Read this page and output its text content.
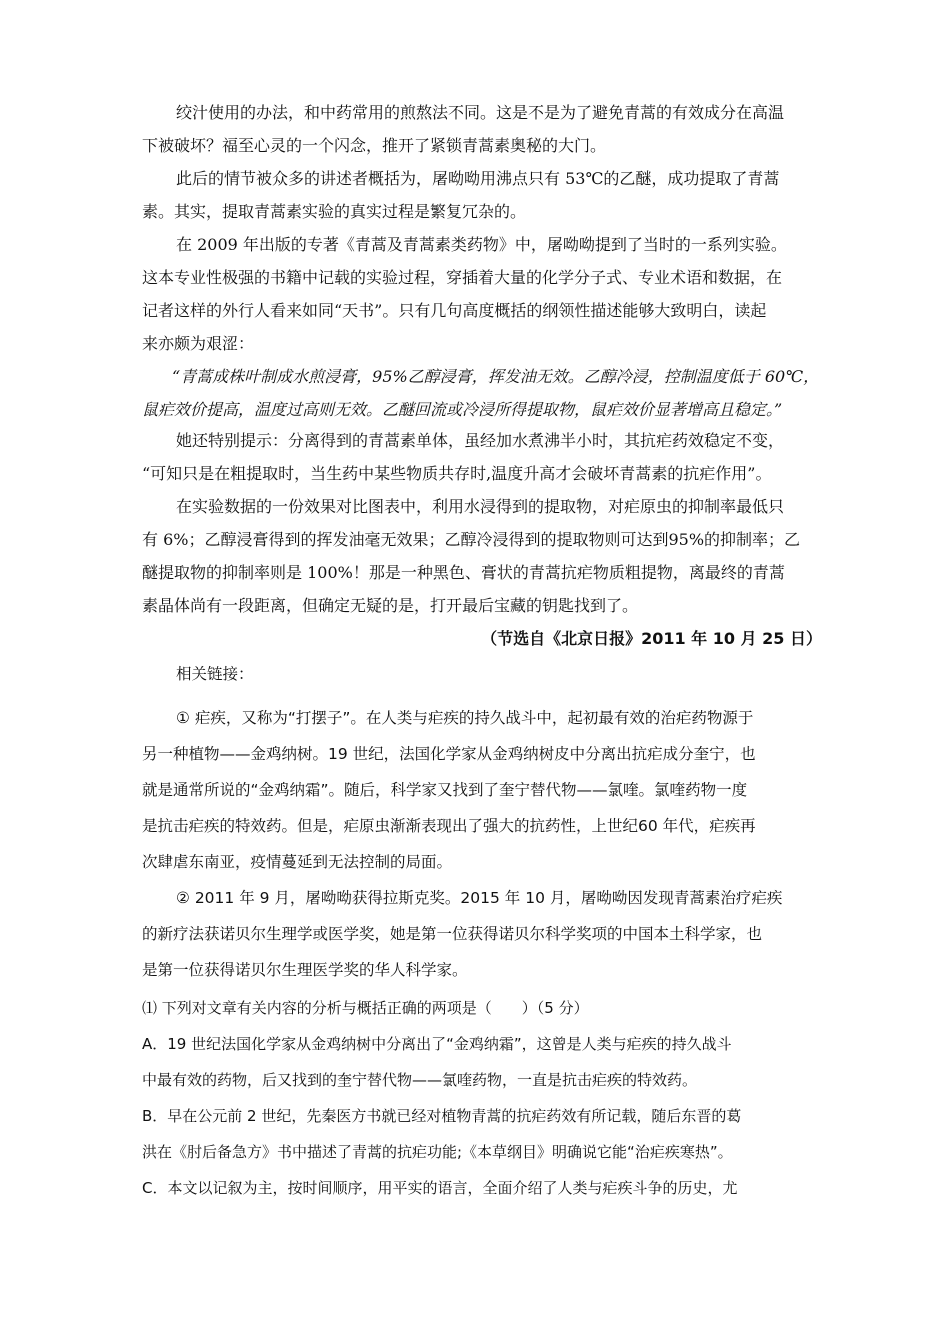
绞汁使用的办法，和中药常用的煎熬法不同。这是不是为了避免青蒿的有效成分在高温
下被破坏？福至心灵的一个闪念，推开了紧锁青蒿素奥秘的大门。
此后的情节被众多的讲述者概括为，屠呦呦用沸点只有 53℃的乙醚，成功提取了青蒿
素。其实，提取青蒿素实验的真实过程是繁复冗杂的。
在 2009 年出版的专著《青蒿及青蒿素类药物》中，屠呦呦提到了当时的一系列实验。
这本专业性极强的书籍中记载的实验过程，穿插着大量的化学分子式、专业术语和数据，在
记者这样的外行人看来如同“天书”。只有几句高度概括的纲领性描述能够大致明白，读起
来亦颇为艰涩：
“青蒿成株叶制成水煎浸膏，95%乙醇浸膏，挥发油无效。乙醇冷浸，控制温度低于 60℃，
鼠疟效价提高，温度过高则无效。乙醚回流或冷浸所得提取物，鼠疟效价显著增高且稳定。”
她还特别提示：分离得到的青蒿素单体，虽经加水煮沸半小时，其抗疟药效稳定不变，
“可知只是在粗提取时，当生药中某些物质共存时,温度升高才会破坏青蒿素的抗疟作用”。
在实验数据的一份效果对比图表中，利用水浸得到的提取物，对疟原虫的抑制率最低只
有 6%；乙醇浸膏得到的挥发油毫无效果；乙醇冷浸得到的提取物则可达到95%的抑制率；乙
醚提取物的抑制率则是 100%！那是一种黑色、膏状的青蒿抗疟物质粗提物，离最终的青蒿
素晶体尚有一段距离，但确定无疑的是，打开最后宝藏的钥匙找到了。
（节选自《北京日报》2011 年 10 月 25 日）
相关链接：
① 疟疾，又称为“打摆子”。在人类与疟疾的持久战斗中，起初最有效的治疟药物源于
另一种植物——金鸡纳树。19 世纪，法国化学家从金鸡纳树皮中分离出抗疟成分奎宁，也
就是通常所说的“金鸡纳霜”。随后，科学家又找到了奎宁替代物——氯喹。氯喹药物一度
是抗击疟疾的特效药。但是，疟原虫渐渐表现出了强大的抗药性，上世纪60 年代，疟疾再
次肆虐东南亚，疫情蔓延到无法控制的局面。
② 2011 年 9 月，屠呦呦获得拉斯克奖。2015 年 10 月，屠呦呦因发现青蒿素治疗疟疾
的新疗法获诺贝尔生理学或医学奖，她是第一位获得诺贝尔科学奖项的中国本土科学家，也
是第一位获得诺贝尔生理医学奖的华人科学家。
⑴ 下列对文章有关内容的分析与概括正确的两项是（　　）（5 分）
A．19 世纪法国化学家从金鸡纳树中分离出了“金鸡纳霜”，这曾是人类与疟疾的持久战斗
中最有效的药物，后又找到的奎宁替代物——氯喹药物，一直是抗击疟疾的特效药。
B．早在公元前 2 世纪，先秦医方书就已经对植物青蒿的抗疟药效有所记载，随后东晋的葛
洪在《肘后备急方》书中描述了青蒿的抗疟功能;《本草纲目》明确说它能“治疟疾寒热”。
C．本文以记叙为主，按时间顺序，用平实的语言，全面介绍了人类与疟疾斗争的历史，尤
